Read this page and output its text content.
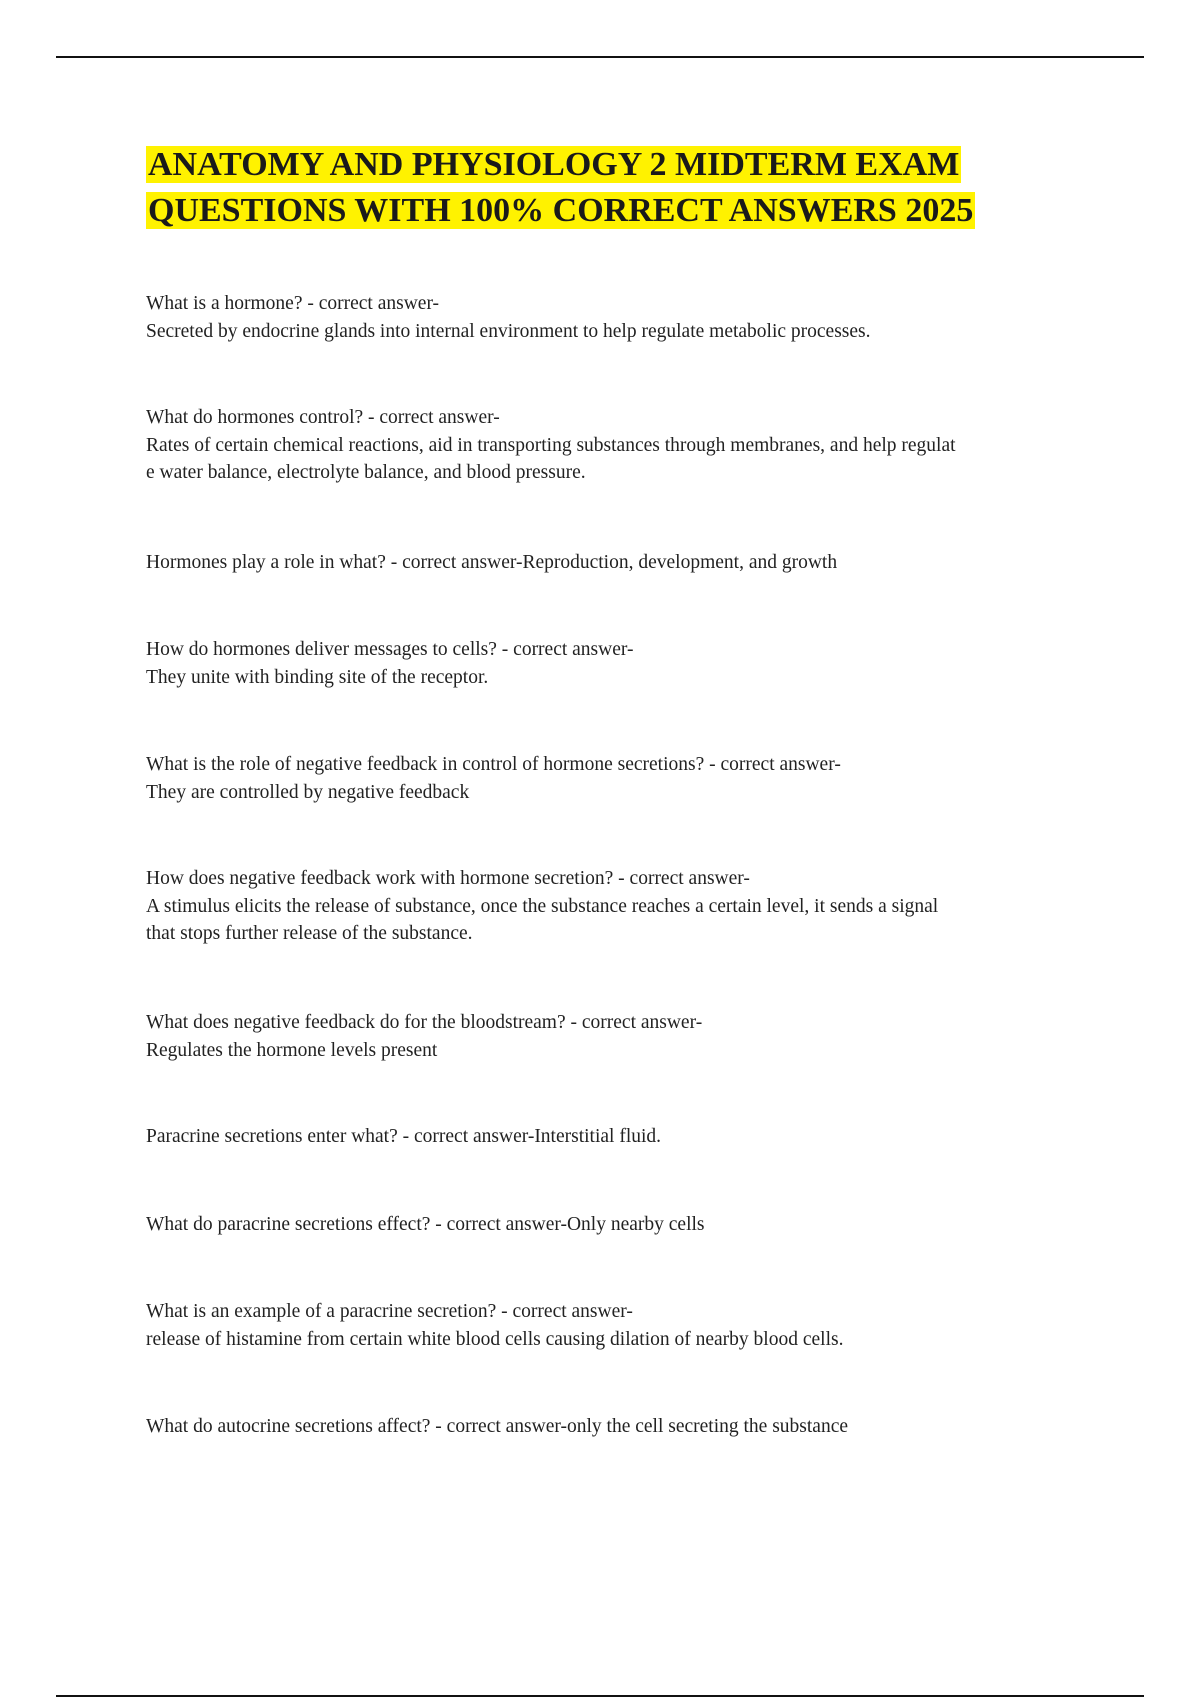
ANATOMY AND PHYSIOLOGY 2 MIDTERM EXAM QUESTIONS WITH 100% CORRECT ANSWERS 2025
What is a hormone? - correct answer-
Secreted by endocrine glands into internal environment to help regulate metabolic processes.
What do hormones control? - correct answer-
Rates of certain chemical reactions, aid in transporting substances through membranes, and help regulat
e water balance, electrolyte balance, and blood pressure.
Hormones play a role in what? - correct answer-Reproduction, development, and growth
How do hormones deliver messages to cells? - correct answer-
They unite with binding site of the receptor.
What is the role of negative feedback in control of hormone secretions? - correct answer-
They are controlled by negative feedback
How does negative feedback work with hormone secretion? - correct answer-
A stimulus elicits the release of substance, once the substance reaches a certain level, it sends a signal
that stops further release of the substance.
What does negative feedback do for the bloodstream? - correct answer-
Regulates the hormone levels present
Paracrine secretions enter what? - correct answer-Interstitial fluid.
What do paracrine secretions effect? - correct answer-Only nearby cells
What is an example of a paracrine secretion? - correct answer-
release of histamine from certain white blood cells causing dilation of nearby blood cells.
What do autocrine secretions affect? - correct answer-only the cell secreting the substance
